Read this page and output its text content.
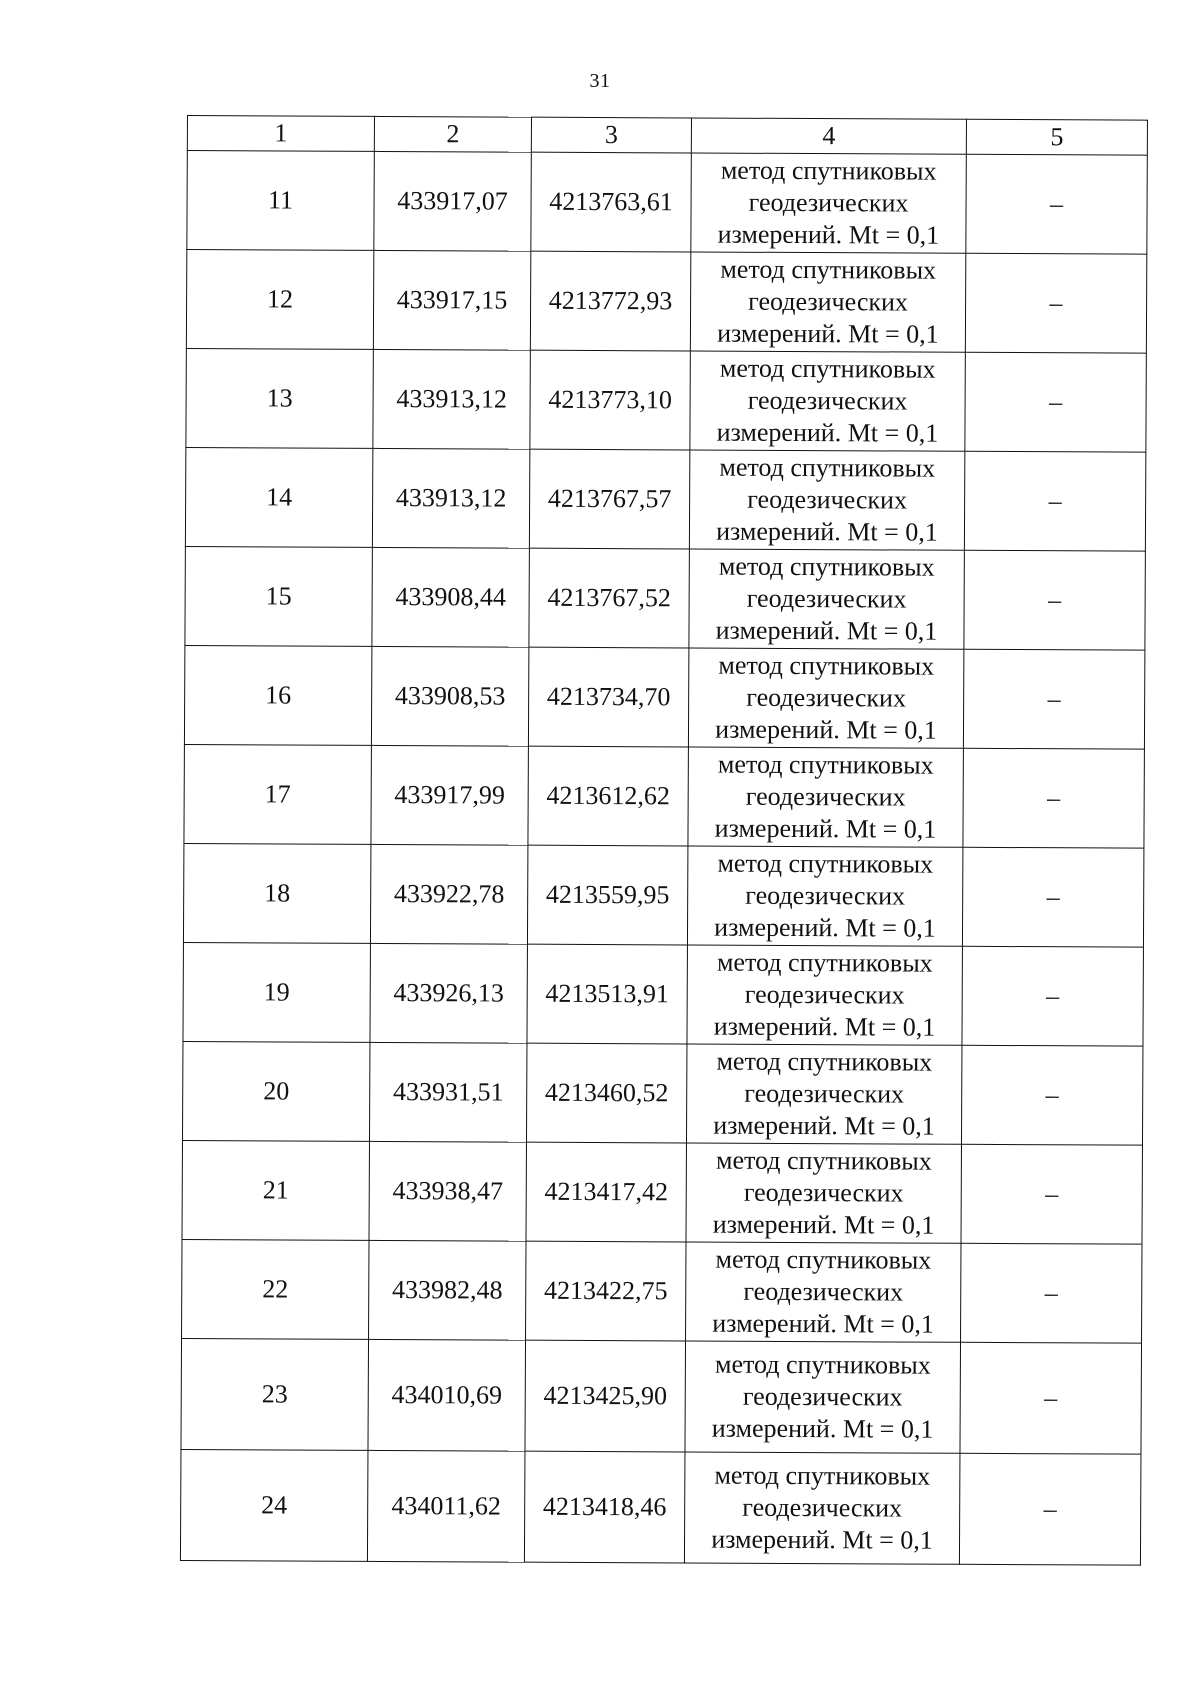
31
1	2	3	4	5
11	433917,07	4213763,61	метод спутниковых геодезических измерений. Mt = 0,1	–
12	433917,15	4213772,93	метод спутниковых геодезических измерений. Mt = 0,1	–
13	433913,12	4213773,10	метод спутниковых геодезических измерений. Mt = 0,1	–
14	433913,12	4213767,57	метод спутниковых геодезических измерений. Mt = 0,1	–
15	433908,44	4213767,52	метод спутниковых геодезических измерений. Mt = 0,1	–
16	433908,53	4213734,70	метод спутниковых геодезических измерений. Mt = 0,1	–
17	433917,99	4213612,62	метод спутниковых геодезических измерений. Mt = 0,1	–
18	433922,78	4213559,95	метод спутниковых геодезических измерений. Mt = 0,1	–
19	433926,13	4213513,91	метод спутниковых геодезических измерений. Mt = 0,1	–
20	433931,51	4213460,52	метод спутниковых геодезических измерений. Mt = 0,1	–
21	433938,47	4213417,42	метод спутниковых геодезических измерений. Mt = 0,1	–
22	433982,48	4213422,75	метод спутниковых геодезических измерений. Mt = 0,1	–
23	434010,69	4213425,90	метод спутниковых геодезических измерений. Mt = 0,1	–
24	434011,62	4213418,46	метод спутниковых геодезических измерений. Mt = 0,1	–
